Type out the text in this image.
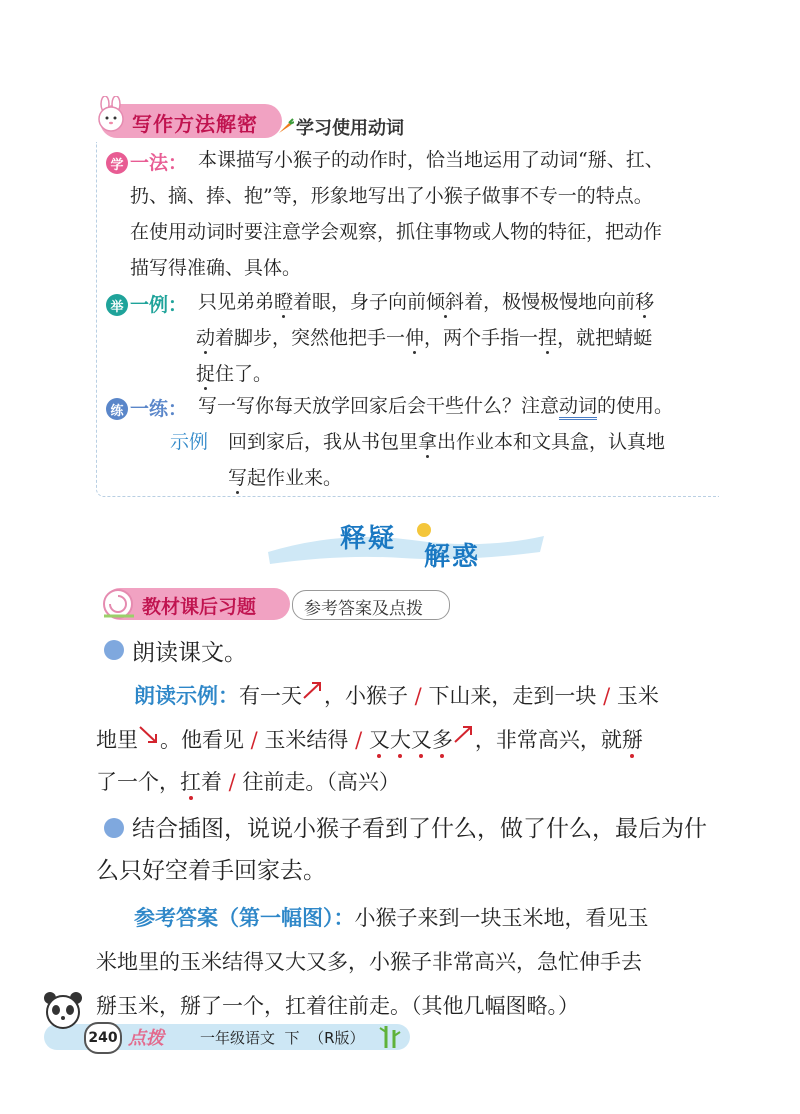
写作方法解密 学习使用动词
学 一法： 本课描写小猴子的动作时，恰当地运用了动词“掰、扛、
扔、摘、捧、抱”等，形象地写出了小猴子做事不专一的特点。
在使用动词时要注意学会观察，抓住事物或人物的特征，把动作
描写得准确、具体。
举 一例： 只见弟弟瞪着眼，身子向前倾斜着，极慢极慢地向前移
动着脚步，突然他把手一伸，两个手指一捏，就把蜻蜓
捉住了。
练 一练： 写一写你每天放学回家后会干些什么？注意动词的使用。
示例 回到家后，我从书包里拿出作业本和文具盒，认真地
写起作业来。
释疑
解惑
教材课后习题	参考答案及点拨
朗读课文。
朗读示例：有一天 ，小猴子 / 下山来，走到一块 / 玉米
地里 。他看见 / 玉米结得 / 又大又多 ，非常高兴，就掰
了一个，扛着 / 往前走。（高兴）
结合插图，说说小猴子看到了什么，做了什么，最后为什
么只好空着手回家去。
参考答案（第一幅图）：小猴子来到一块玉米地，看见玉
米地里的玉米结得又大又多，小猴子非常高兴，急忙伸手去
掰玉米，掰了一个，扛着往前走。（其他几幅图略。）
240 点拨 一年级语文  下  （R版）
